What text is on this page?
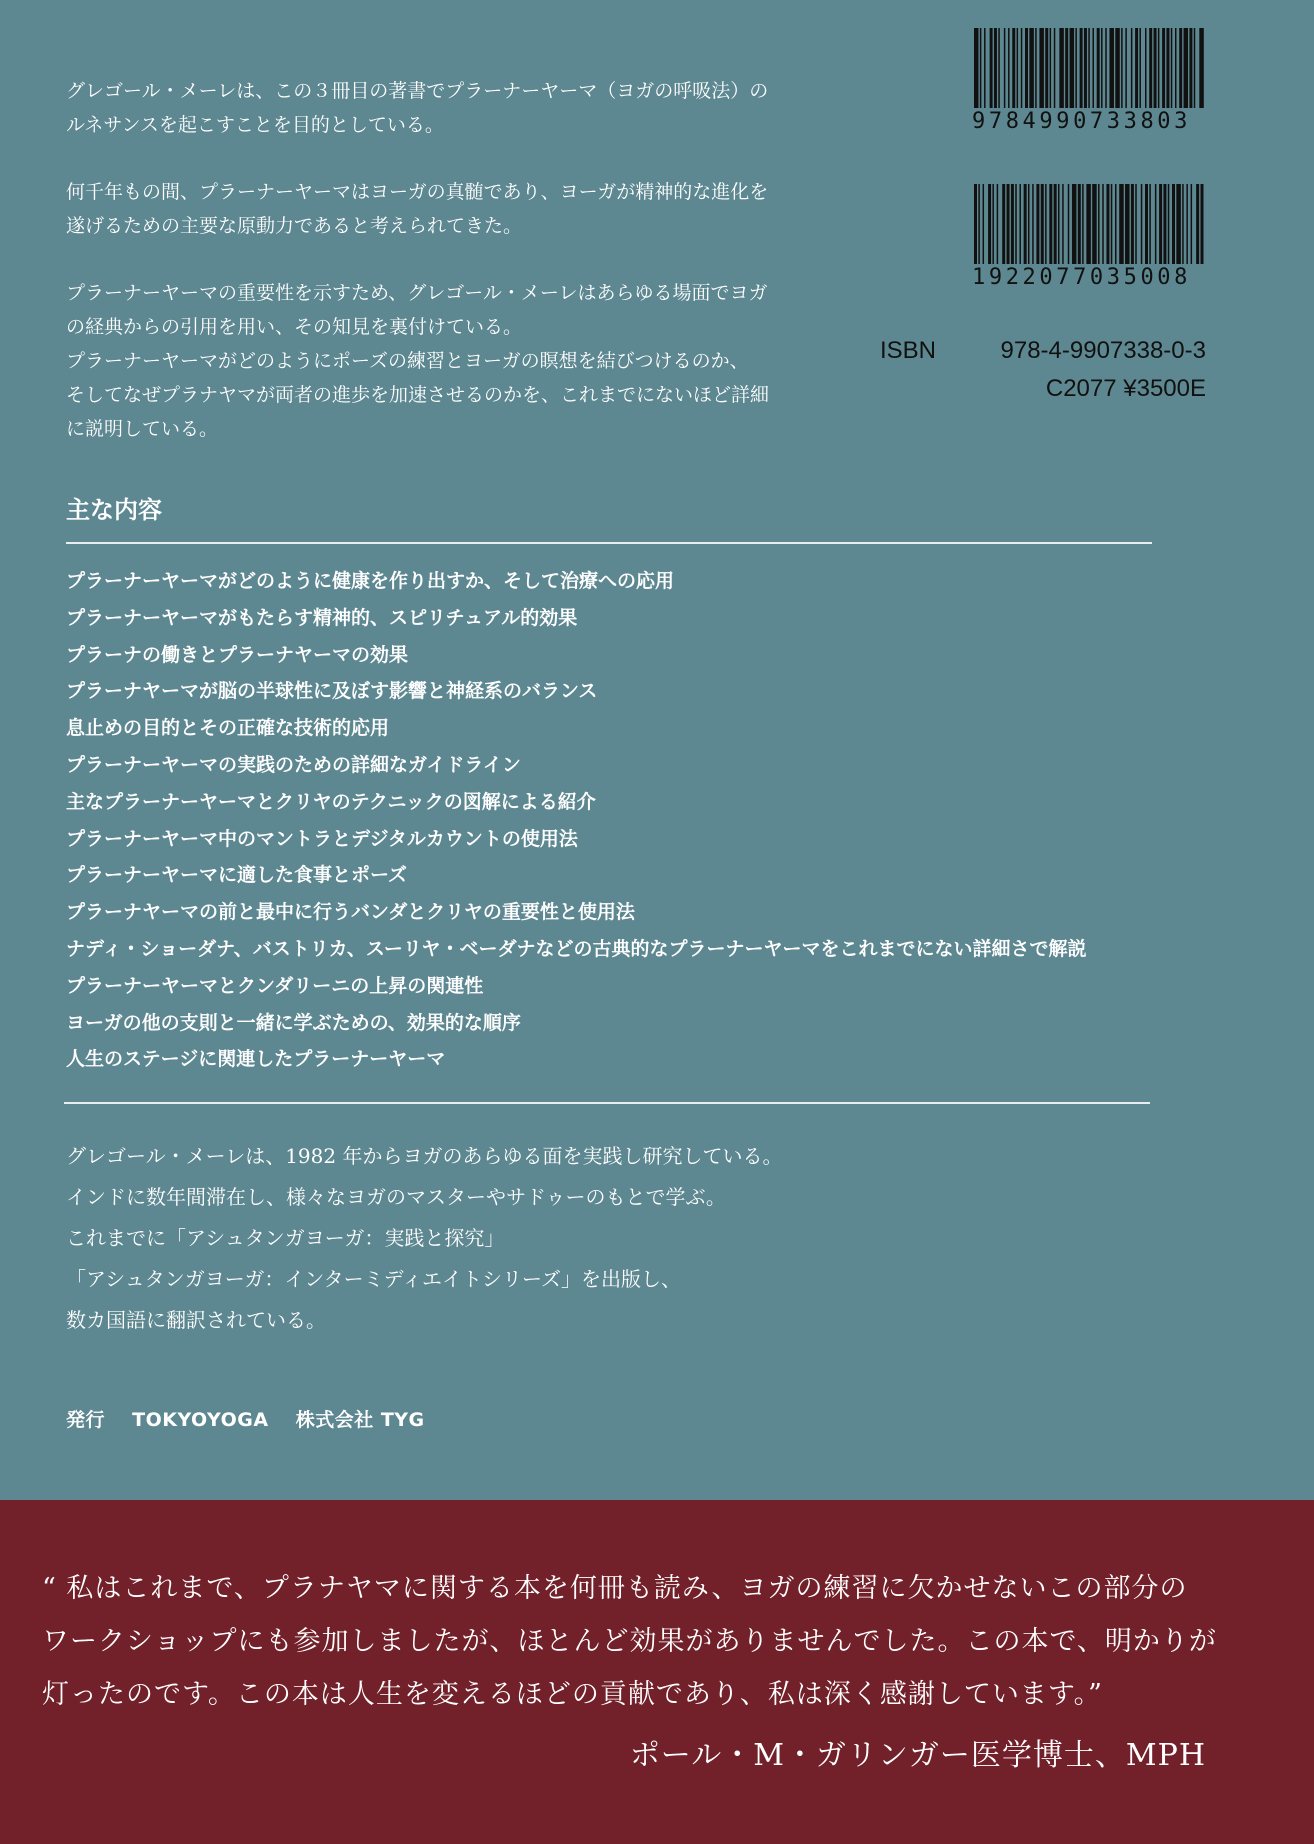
グレゴール・メーレは、この３冊目の著書でプラーナーヤーマ（ヨガの呼吸法）の
ルネサンスを起こすことを目的としている。

何千年もの間、プラーナーヤーマはヨーガの真髄であり、ヨーガが精神的な進化を
遂げるための主要な原動力であると考えられてきた。

プラーナーヤーマの重要性を示すため、グレゴール・メーレはあらゆる場面でヨガ
の経典からの引用を用い、その知見を裏付けている。
プラーナーヤーマがどのようにポーズの練習とヨーガの瞑想を結びつけるのか、
そしてなぜプラナヤマが両者の進歩を加速させるのかを、これまでにないほど詳細
に説明している。

9784990733803
1922077035008
ISBN	978-4-9907338-0-3
C2077 ¥3500E
主な内容
プラーナーヤーマがどのように健康を作り出すか、そして治療への応用
プラーナーヤーマがもたらす精神的、スピリチュアル的効果
プラーナの働きとプラーナヤーマの効果
プラーナヤーマが脳の半球性に及ぼす影響と神経系のバランス
息止めの目的とその正確な技術的応用
プラーナーヤーマの実践のための詳細なガイドライン
主なプラーナーヤーマとクリヤのテクニックの図解による紹介
プラーナーヤーマ中のマントラとデジタルカウントの使用法
プラーナーヤーマに適した食事とポーズ
プラーナヤーマの前と最中に行うバンダとクリヤの重要性と使用法
ナディ・ショーダナ、バストリカ、スーリヤ・ベーダナなどの古典的なプラーナーヤーマをこれまでにない詳細さで解説
プラーナーヤーマとクンダリーニの上昇の関連性
ヨーガの他の支則と一緒に学ぶための、効果的な順序
人生のステージに関連したプラーナーヤーマ
グレゴール・メーレは、1982 年からヨガのあらゆる面を実践し研究している。
インドに数年間滞在し、様々なヨガのマスターやサドゥーのもとで学ぶ。
これまでに「アシュタンガヨーガ：実践と探究」
「アシュタンガヨーガ：インターミディエイトシリーズ」を出版し、
数カ国語に翻訳されている。
発行 TOKYOYOGA 株式会社 TYG
“ 私はこれまで、プラナヤマに関する本を何冊も読み、ヨガの練習に欠かせないこの部分の
ワークショップにも参加しましたが、ほとんど効果がありませんでした。この本で、明かりが
灯ったのです。この本は人生を変えるほどの貢献であり、私は深く感謝しています。”
ポール・M・ガリンガー医学博士、MPH
